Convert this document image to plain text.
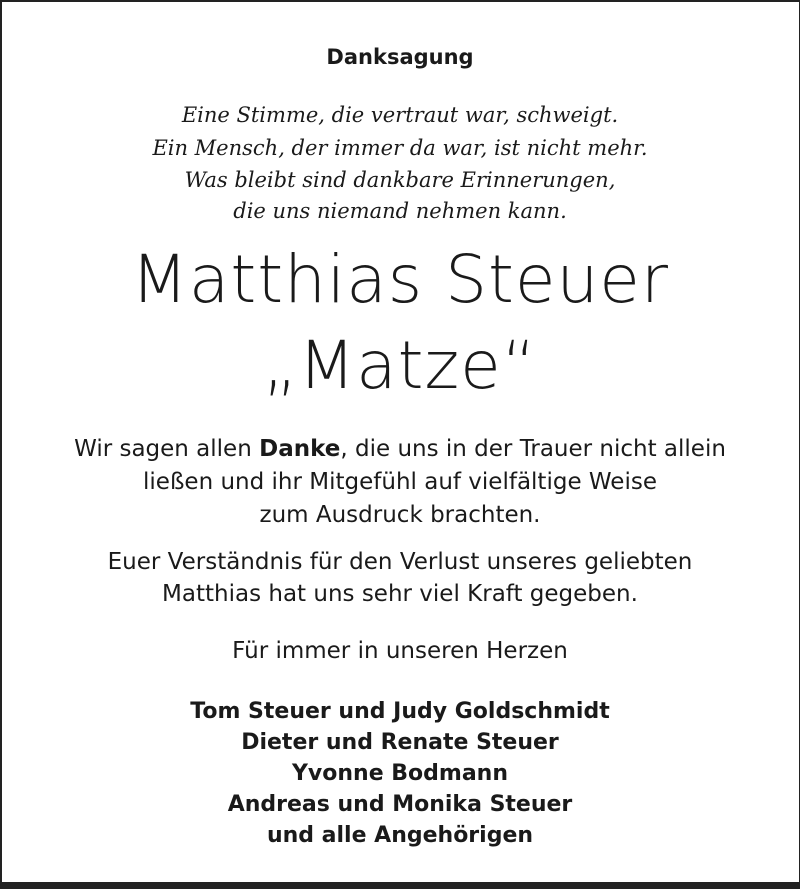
Danksagung
Eine Stimme, die vertraut war, schweigt.
Ein Mensch, der immer da war, ist nicht mehr.
Was bleibt sind dankbare Erinnerungen,
die uns niemand nehmen kann.
Matthias Steuer
„Matze“
Wir sagen allen Danke, die uns in der Trauer nicht allein
ließen und ihr Mitgefühl auf vielfältige Weise
zum Ausdruck brachten.
Euer Verständnis für den Verlust unseres geliebten
Matthias hat uns sehr viel Kraft gegeben.
Für immer in unseren Herzen
Tom Steuer und Judy Goldschmidt
Dieter und Renate Steuer
Yvonne Bodmann
Andreas und Monika Steuer
und alle Angehörigen
